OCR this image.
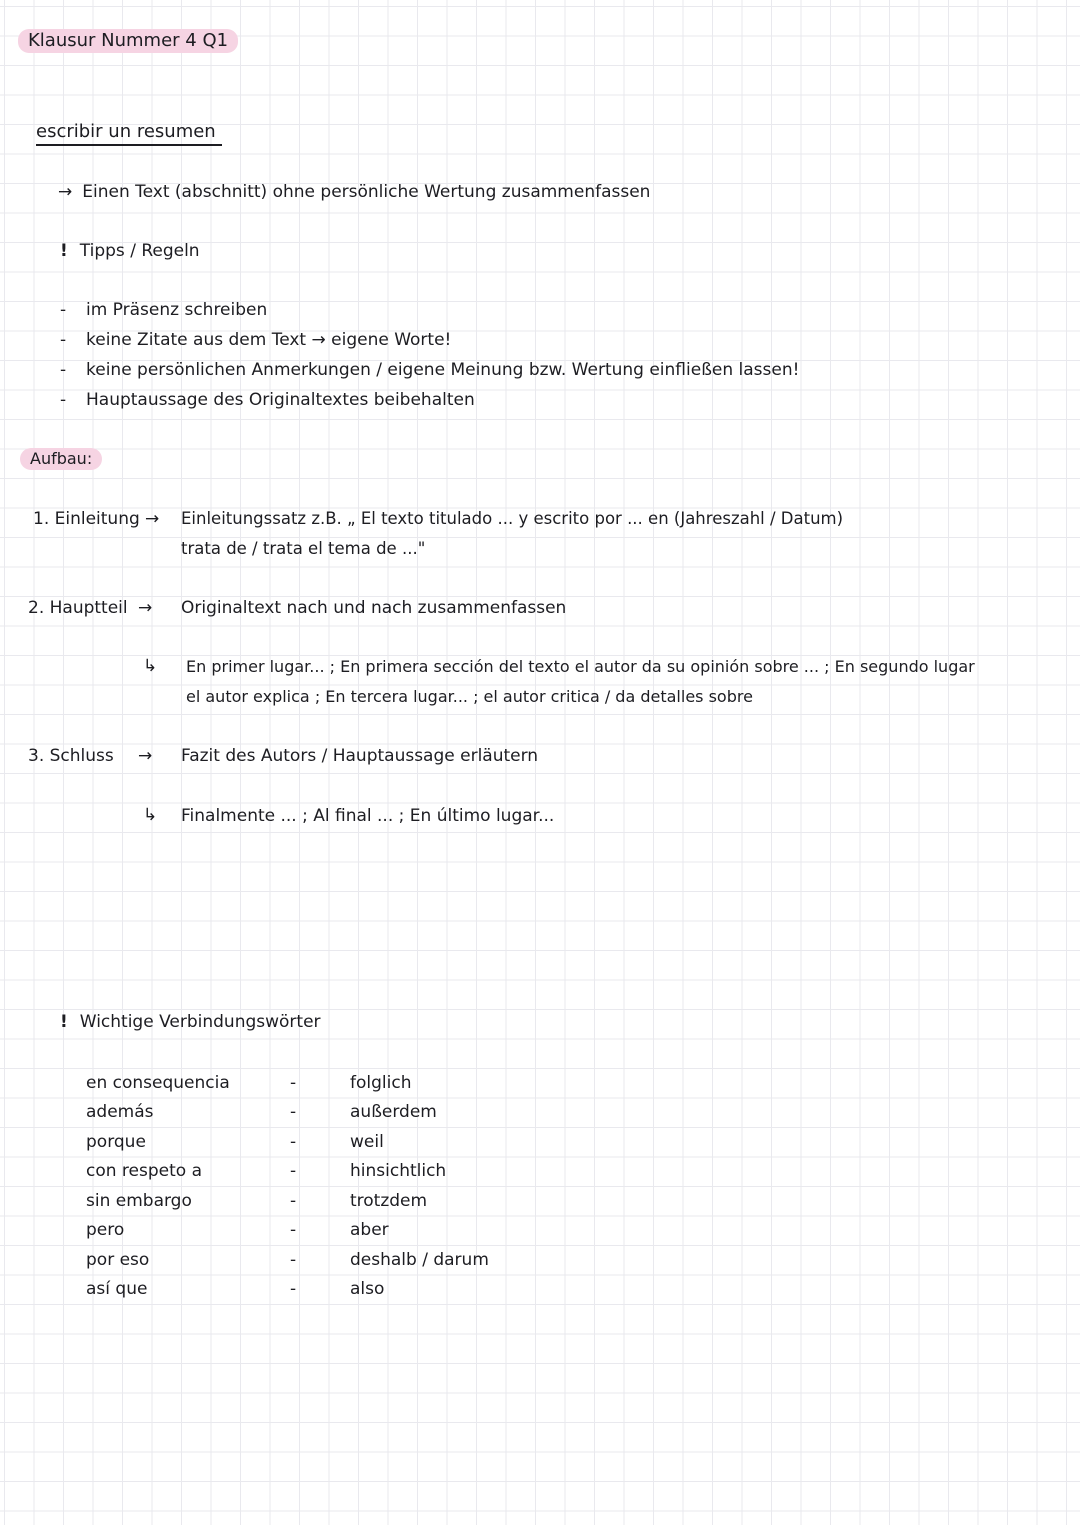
Klausur Nummer 4 Q1
escribir un resumen
→ Einen Text (abschnitt) ohne persönliche Wertung zusammenfassen
! Tipps / Regeln
- im Präsenz schreiben
- keine Zitate aus dem Text → eigene Worte!
- keine persönlichen Anmerkungen / eigene Meinung bzw. Wertung einfließen lassen!
- Hauptaussage des Originaltextes beibehalten
Aufbau:
1. Einleitung → Einleitungssatz z.B. „ El texto titulado ... y escrito por ... en (Jahreszahl / Datum)
trata de / trata el tema de ..."
2. Hauptteil → Originaltext nach und nach zusammenfassen
↳ En primer lugar... ; En primera sección del texto el autor da su opinión sobre ... ; En segundo lugar
el autor explica ; En tercera lugar... ; el autor critica / da detalles sobre
3. Schluss → Fazit des Autors / Hauptaussage erläutern
↳ Finalmente ... ; Al final ... ; En último lugar...
! Wichtige Verbindungswörter
en consequencia	-	folglich
además	-	außerdem
porque	-	weil
con respeto a	-	hinsichtlich
sin embargo	-	trotzdem
pero	-	aber
por eso	-	deshalb / darum
así que	-	also
